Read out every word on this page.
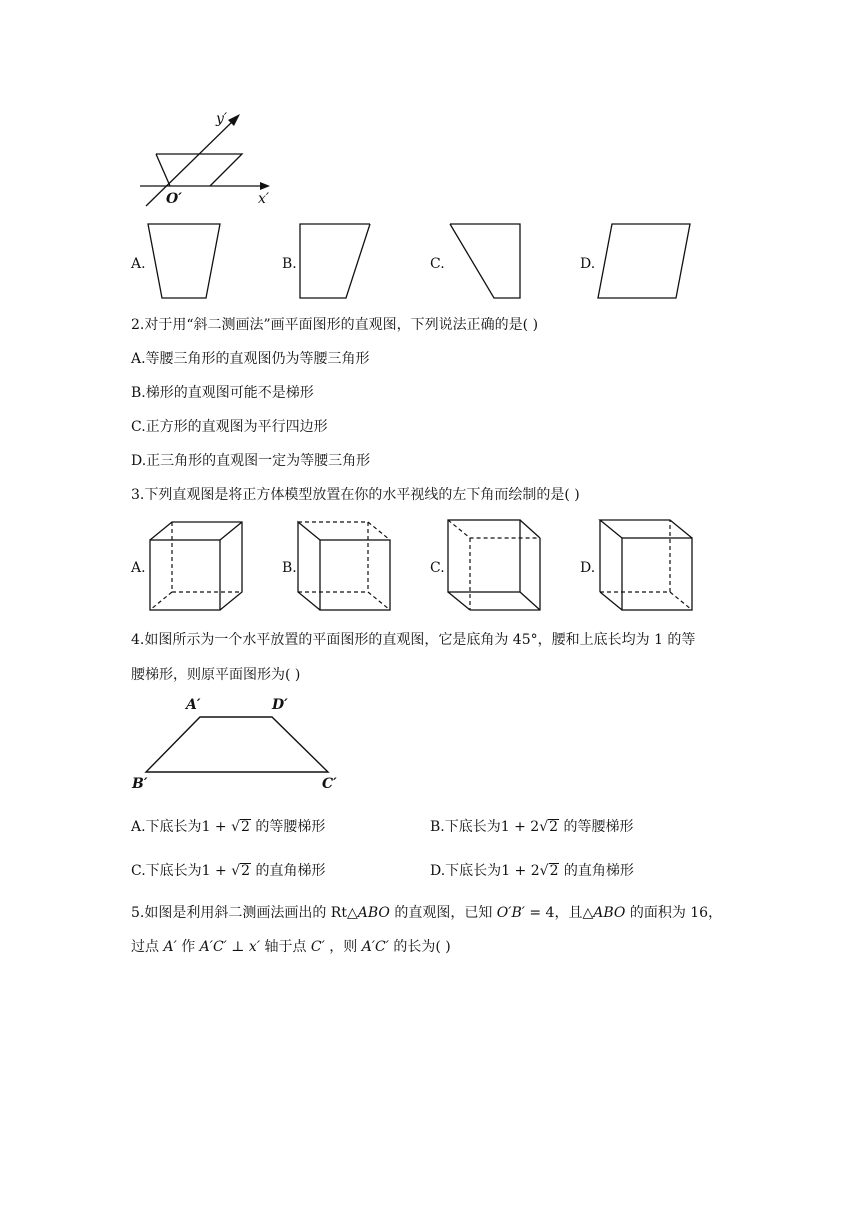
y′
x′
O′
A.	B.	C.	D.
2.对于用“斜二测画法”画平面图形的直观图，下列说法正确的是( )
A.等腰三角形的直观图仍为等腰三角形
B.梯形的直观图可能不是梯形
C.正方形的直观图为平行四边形
D.正三角形的直观图一定为等腰三角形
3.下列直观图是将正方体模型放置在你的水平视线的左下角而绘制的是( )
A.	B.	C.	D.
4.如图所示为一个水平放置的平面图形的直观图，它是底角为 45°，腰和上底长均为 1 的等
腰梯形，则原平面图形为( )
A′	D′
B′	C′
A.下底长为1 + √2 的等腰梯形	B.下底长为1 + 2√2 的等腰梯形
C.下底长为1 + √2 的直角梯形	D.下底长为1 + 2√2 的直角梯形
5.如图是利用斜二测画法画出的 Rt△ABO 的直观图，已知 O′B′ = 4，且△ABO 的面积为 16，
过点 A′ 作 A′C′ ⊥ x′ 轴于点 C′ ，则 A′C′ 的长为( )
